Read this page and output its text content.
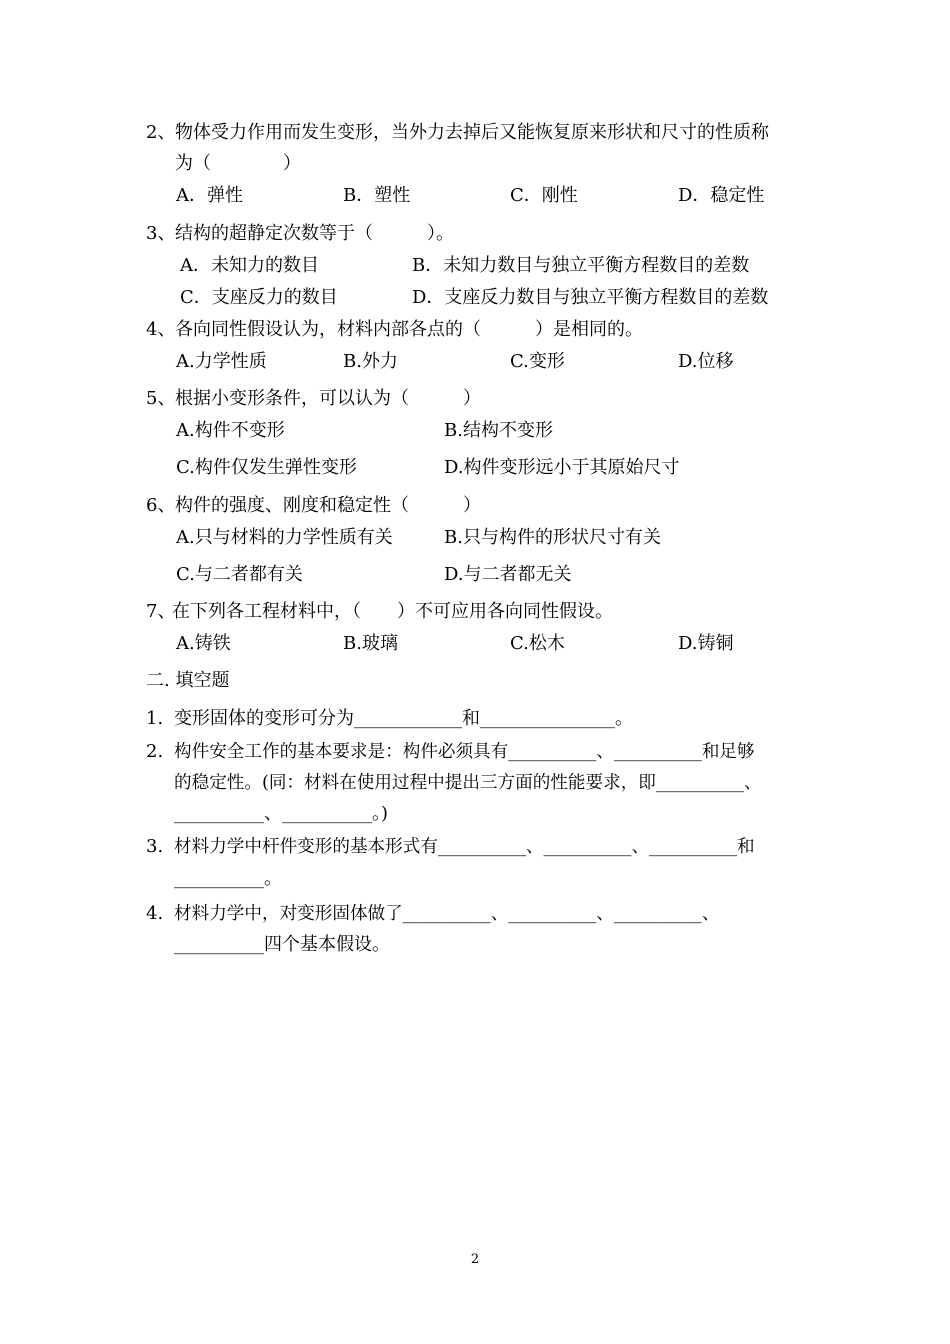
2、 物体受力作用而发生变形，当外力去掉后又能恢复原来形状和尺寸的性质称
为（　　　　）
A．弹性	B．塑性	C．刚性	D．稳定性
3、 结构的超静定次数等于（　　　）。
A．未知力的数目	B．未知力数目与独立平衡方程数目的差数
C．支座反力的数目	D．支座反力数目与独立平衡方程数目的差数
4、 各向同性假设认为，材料内部各点的（　　　）是相同的。
A.力学性质	B.外力	C.变形	D.位移
5、 根据小变形条件，可以认为（　　　）
A.构件不变形	B.结构不变形
C.构件仅发生弹性变形	D.构件变形远小于其原始尺寸
6、 构件的强度、刚度和稳定性（　　　）
A.只与材料的力学性质有关	B.只与构件的形状尺寸有关
C.与二者都有关	D.与二者都无关
7、
在下列各工程材料中，（　　）不可应用各向同性假设。
A.铸铁	B.玻璃	C.松木	D.铸铜
二. 填空题
1. 变形固体的变形可分为____________和_______________。
2. 构件安全工作的基本要求是：构件必须具有__________、__________和足够
的稳定性。(同：材料在使用过程中提出三方面的性能要求，即__________、
__________、__________。)
3. 材料力学中杆件变形的基本形式有__________、__________、__________和
__________。
4. 材料力学中，对变形固体做了__________、__________、__________、
__________四个基本假设。
2
